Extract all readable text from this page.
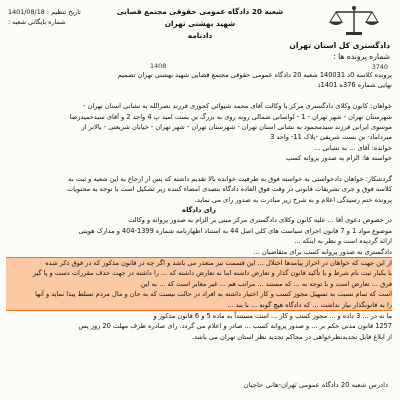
شعبه 20 دادگاه عمومی حقوقی مجتمع قضایی شهید بهشتی تهران
دادنامه
دادگستری کل استان تهران
شماره پرونده ها :
تاریخ تنظیم : 1401/08/18
شماره بایگانی شعبه :
1408	3740
پرونده کلاسه 0ذ 140031 شعبه 20 دادگاه عمومی حقوقی مجتمع قضایی شهید بهشتی تهران تصمیم
نهایی شماره 376ه 1401ذ
خواهان: کانون وکلای دادگستری مرکز با وکالت آقای محمد شیوائی کجوری فرزند نصرالله به نشانی استان تهران -
شهرستان تهران - شهر تهران - 1 - لواسانی شمالی روبه روی به بزرگ بن بست امید پ 4 واحد 2 و آقای سیدحمیدرضا
موسوی ایرانی فرزند سیدمحمود به نشانی استان تهران - شهرستان تهران - شهر تهران - خیابان شریعتی - بالاتر از
میرداماد- بن بست شریفی -پلاک 11- واحد 3
خوانده: آقای ... به نشانی ...
خواسته ها: الزام به صدور پروانه کسب
گردشکار: خواهان دادخواستی به خواسته فوق به طرفیت خوانده بالا تقدیم داشته که پس از ارجاع به این شعبه و ثبت به
کلاسه فوق و جری تشریفات قانونی در وقت فوق العاده دادگاه بتصدی امضاء کننده زیر تشکیل است با توجه به محتویات
پرونده ختم رسیدگی اعلام و به شرح زیر مبادرت به صدور رای می نماید.
رای دادگاه
در خصوص دعوی آقا ... علیه کانون وکلای دادگستری مرکز مبنی بر الزام به صدور پروانه و وکالت
موضوع مواد 1 و 7 قانون اجرای سیاست های کلی اصل 44 به استناد اظهارنامه شماره 1399-404 و مدارک هویتی
ارائه گردیده است و نظر به اینکه ...
دادگستری به صدور پروانه کسب برای متقاضیان ...
از این جهت که خواهان در احراز پیامدها اختلال ... این قسمت نیز متعذر می باشد و اگر چه در قانون مذکور که در فوق ذکر شده
با یکبار ثبت نام شرط و با تأکید قانون گذار و تعارض داشته اما نه تعارض داشته که ... را داشته در جهت حذف مقررات دست و پا گیر
فرق ... تعارض است و با توجه به ... که مستند ... مراتب هم ... غیر مغایر است که ... به این
است که تمام نسبت به تسهیل مجوز کسب و کار اختیار داشته به افراد در حالت نیست که به جان و مال مردم تسلط پیدا نماید و آنها
را به قانونگذار نیاز نداشت ... که دادگاه هیچ گونه ... با بند ...
ما نه در ... 3 داده و ... مجوز کسب و کار ... است مستنداً به ماده 5 و 6 قانون مذکور و
1257 قانون مدنی حکم بر ... و صدور پروانه کسب ... صادر و اعلام می گردد. رای صادره ظرف مهلت 20 روز پس
از ابلاغ قابل تجدیدنظرخواهی در محاکم تجدید نظر استان تهران می باشد.
دادرس شعبه 20 دادگاه عمومی تهران-هانی حاجیان
